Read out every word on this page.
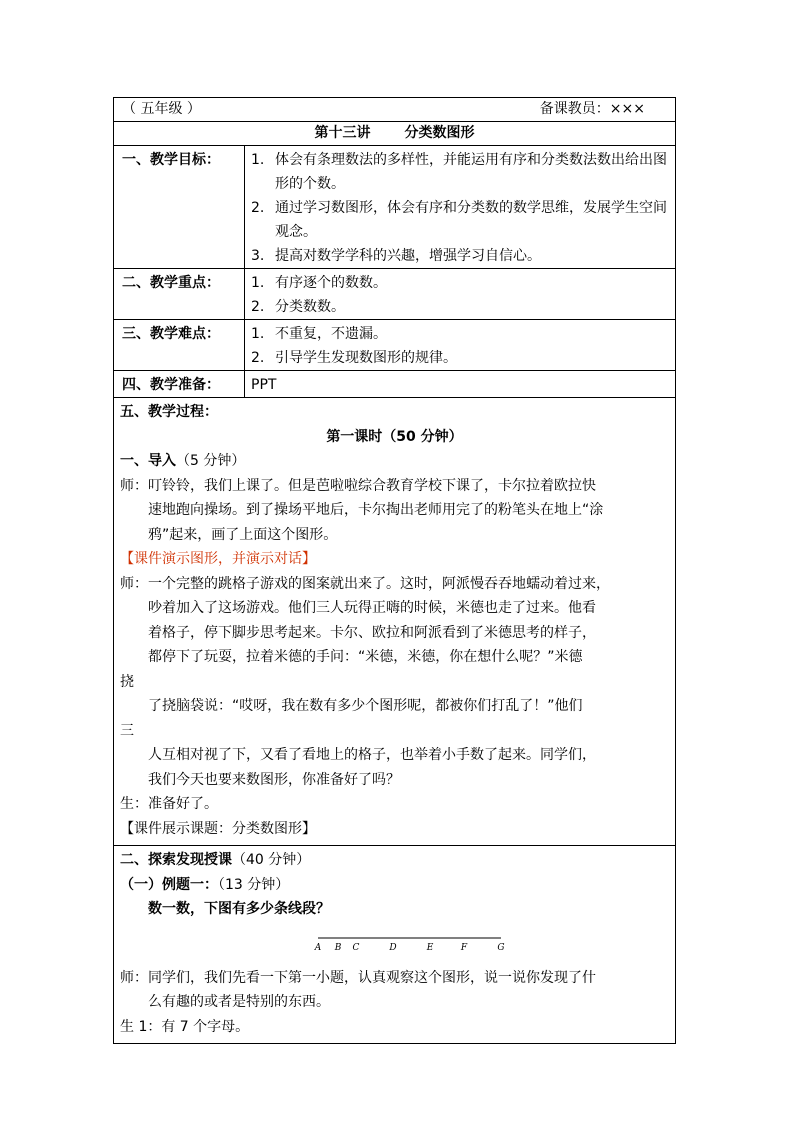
（ 五年级 ）	备课教员：×××
第十三讲 分类数图形
一、教学目标：	1. 体会有条理数法的多样性，并能运用有序和分类数法数出给出图形的个数。
2. 通过学习数图形，体会有序和分类数的数学思维，发展学生空间观念。
3. 提高对数学学科的兴趣，增强学习自信心。
二、教学重点：	1. 有序逐个的数数。
2. 分类数数。
三、教学难点：	1. 不重复，不遗漏。
2. 引导学生发现数图形的规律。
四、教学准备：	PPT
五、教学过程：
第一课时（50 分钟）
一、导入（5 分钟）
师：叮铃铃，我们上课了。但是芭啦啦综合教育学校下课了，卡尔拉着欧拉快
速地跑向操场。到了操场平地后，卡尔掏出老师用完了的粉笔头在地上“涂
鸦”起来，画了上面这个图形。
【课件演示图形，并演示对话】
师：一个完整的跳格子游戏的图案就出来了。这时，阿派慢吞吞地蠕动着过来，
吵着加入了这场游戏。他们三人玩得正嗨的时候，米德也走了过来。他看
着格子，停下脚步思考起来。卡尔、欧拉和阿派看到了米德思考的样子，
都停下了玩耍，拉着米德的手问：“米德，米德，你在想什么呢？”米德
挠
了挠脑袋说：“哎呀，我在数有多少个图形呢，都被你们打乱了！”他们
三
人互相对视了下，又看了看地上的格子，也举着小手数了起来。同学们，
我们今天也要来数图形，你准备好了吗？
生：准备好了。
【课件展示课题：分类数图形】
二、探索发现授课（40 分钟）
（一）例题一：（13 分钟）
数一数，下图有多少条线段？
A B C	D	E	F	G
师：同学们，我们先看一下第一小题，认真观察这个图形，说一说你发现了什
么有趣的或者是特别的东西。
生 1：有 7 个字母。
